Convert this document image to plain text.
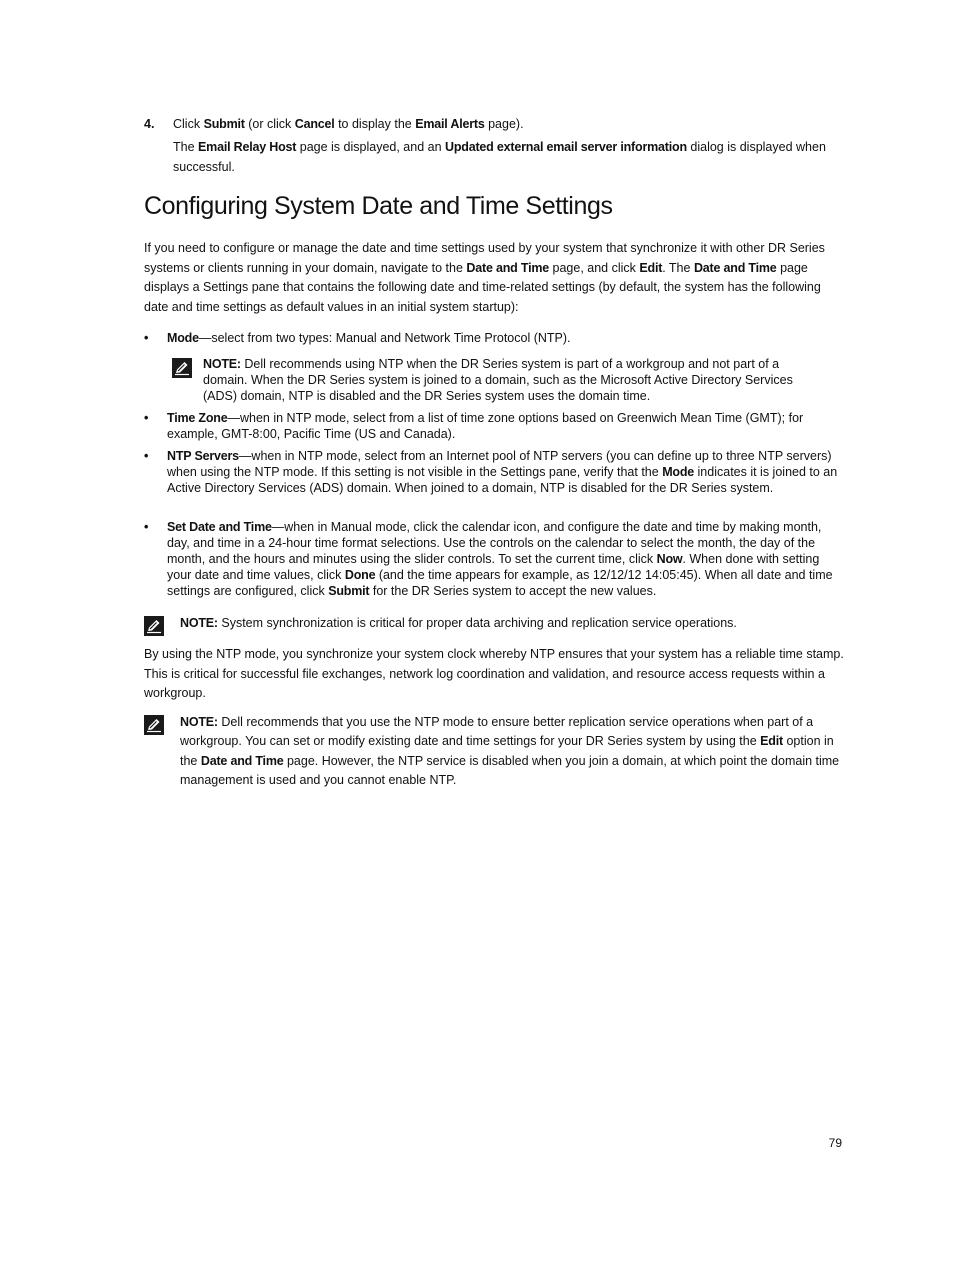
4. Click Submit (or click Cancel to display the Email Alerts page).
The Email Relay Host page is displayed, and an Updated external email server information dialog is displayed when successful.
Configuring System Date and Time Settings

If you need to configure or manage the date and time settings used by your system that synchronize it with other DR Series systems or clients running in your domain, navigate to the Date and Time page, and click Edit. The Date and Time page displays a Settings pane that contains the following date and time-related settings (by default, the system has the following date and time settings as default values in an initial system startup):

• Mode—select from two types: Manual and Network Time Protocol (NTP).
NOTE: Dell recommends using NTP when the DR Series system is part of a workgroup and not part of a domain. When the DR Series system is joined to a domain, such as the Microsoft Active Directory Services (ADS) domain, NTP is disabled and the DR Series system uses the domain time.
• Time Zone—when in NTP mode, select from a list of time zone options based on Greenwich Mean Time (GMT); for example, GMT-8:00, Pacific Time (US and Canada).
• NTP Servers—when in NTP mode, select from an Internet pool of NTP servers (you can define up to three NTP servers) when using the NTP mode. If this setting is not visible in the Settings pane, verify that the Mode indicates it is joined to an Active Directory Services (ADS) domain. When joined to a domain, NTP is disabled for the DR Series system.
• Set Date and Time—when in Manual mode, click the calendar icon, and configure the date and time by making month, day, and time in a 24-hour time format selections. Use the controls on the calendar to select the month, the day of the month, and the hours and minutes using the slider controls. To set the current time, click Now. When done with setting your date and time values, click Done (and the time appears for example, as 12/12/12 14:05:45). When all date and time settings are configured, click Submit for the DR Series system to accept the new values.
NOTE: System synchronization is critical for proper data archiving and replication service operations.

By using the NTP mode, you synchronize your system clock whereby NTP ensures that your system has a reliable time stamp. This is critical for successful file exchanges, network log coordination and validation, and resource access requests within a workgroup.

NOTE: Dell recommends that you use the NTP mode to ensure better replication service operations when part of a workgroup. You can set or modify existing date and time settings for your DR Series system by using the Edit option in the Date and Time page. However, the NTP service is disabled when you join a domain, at which point the domain time management is used and you cannot enable NTP.
79
